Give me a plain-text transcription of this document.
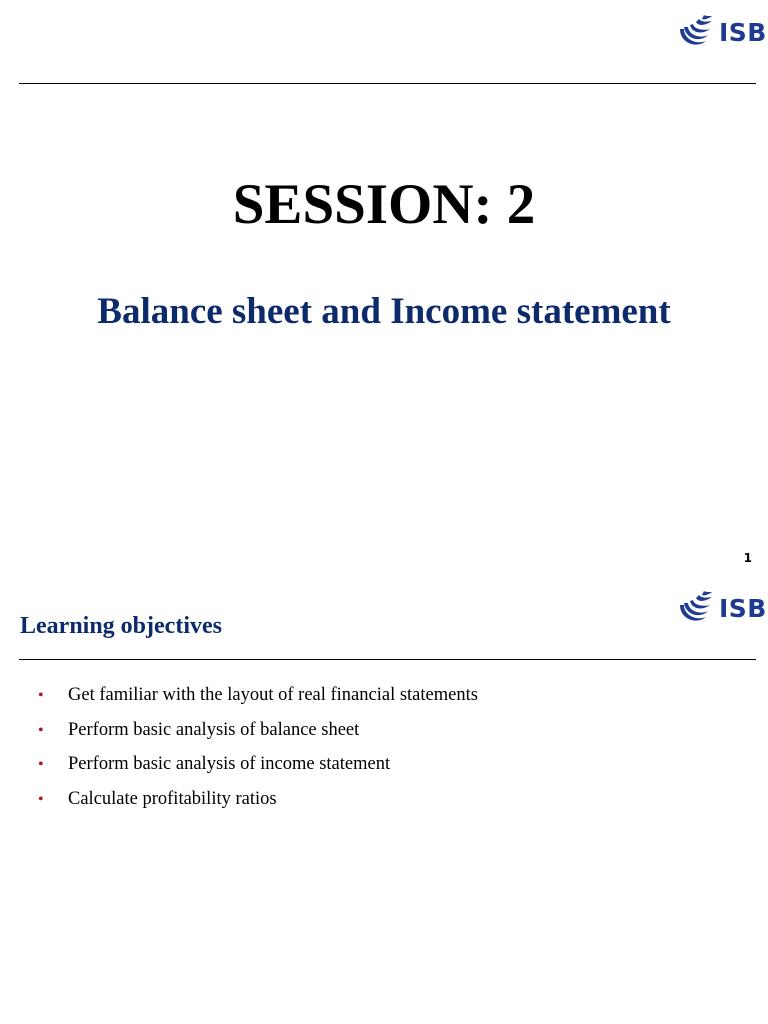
ISB
SESSION: 2
Balance sheet and Income statement
1
ISB
Learning objectives
•	Get familiar with the layout of real financial statements
•	Perform basic analysis of balance sheet
•	Perform basic analysis of income statement
•	Calculate profitability ratios
